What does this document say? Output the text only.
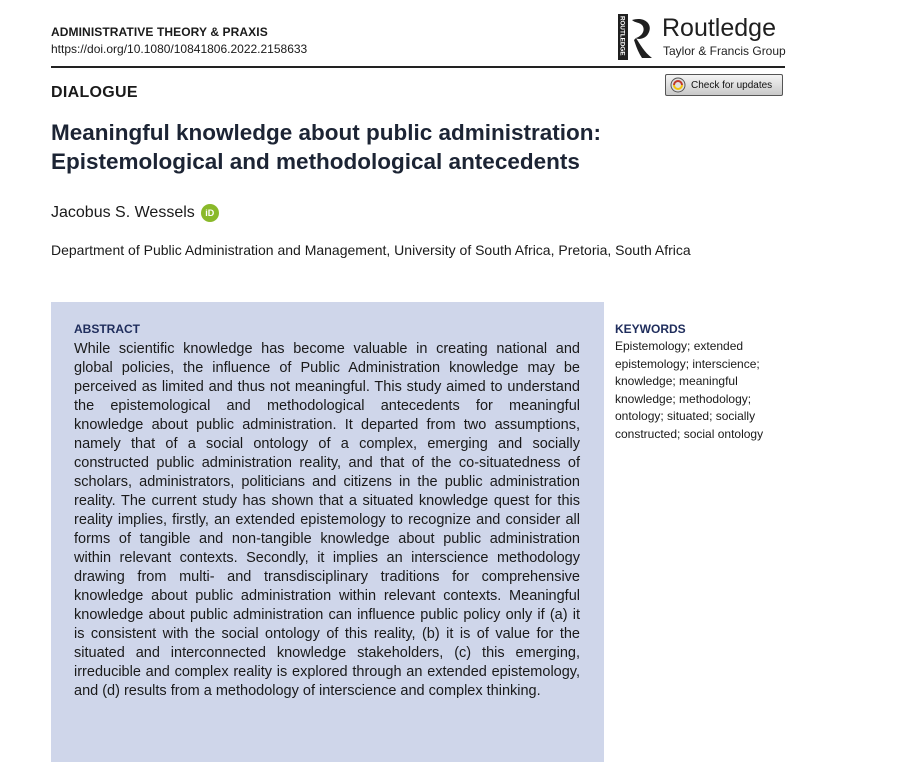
ADMINISTRATIVE THEORY & PRAXIS
https://doi.org/10.1080/10841806.2022.2158633	ROUTLEDGE Routledge
Taylor & Francis Group
DIALOGUE	Check for updates
Meaningful knowledge about public administration: Epistemological and methodological antecedents
Jacobus S. Wessels	iD
Department of Public Administration and Management, University of South Africa, Pretoria, South Africa
ABSTRACT

While scientific knowledge has become valuable in creating national and global policies, the influence of Public Administration knowledge may be perceived as limited and thus not meaningful. This study aimed to understand the epistemological and methodological antecedents for meaningful knowledge about public administration. It departed from two assumptions, namely that of a social ontology of a complex, emerging and socially constructed public administration reality, and that of the co-situatedness of scholars, administrators, politicians and citizens in the public administration reality. The current study has shown that a situated knowledge quest for this reality implies, firstly, an extended epistemology to recognize and consider all forms of tangible and non-tangible knowledge about public administration within relevant contexts. Secondly, it implies an interscience methodology drawing from multi- and transdisciplinary traditions for comprehensive knowledge about public administration within relevant contexts. Meaningful knowledge about public administration can influence public policy only if (a) it is consistent with the social ontology of this reality, (b) it is of value for the situated and interconnected knowledge stakeholders, (c) this emerging, irreducible and complex reality is explored through an extended epistemology, and (d) results from a methodology of interscience and complex thinking.

KEYWORDS

Epistemology; extended epistemology; interscience; knowledge; meaningful knowledge; methodology; ontology; situated; socially constructed; social ontology
